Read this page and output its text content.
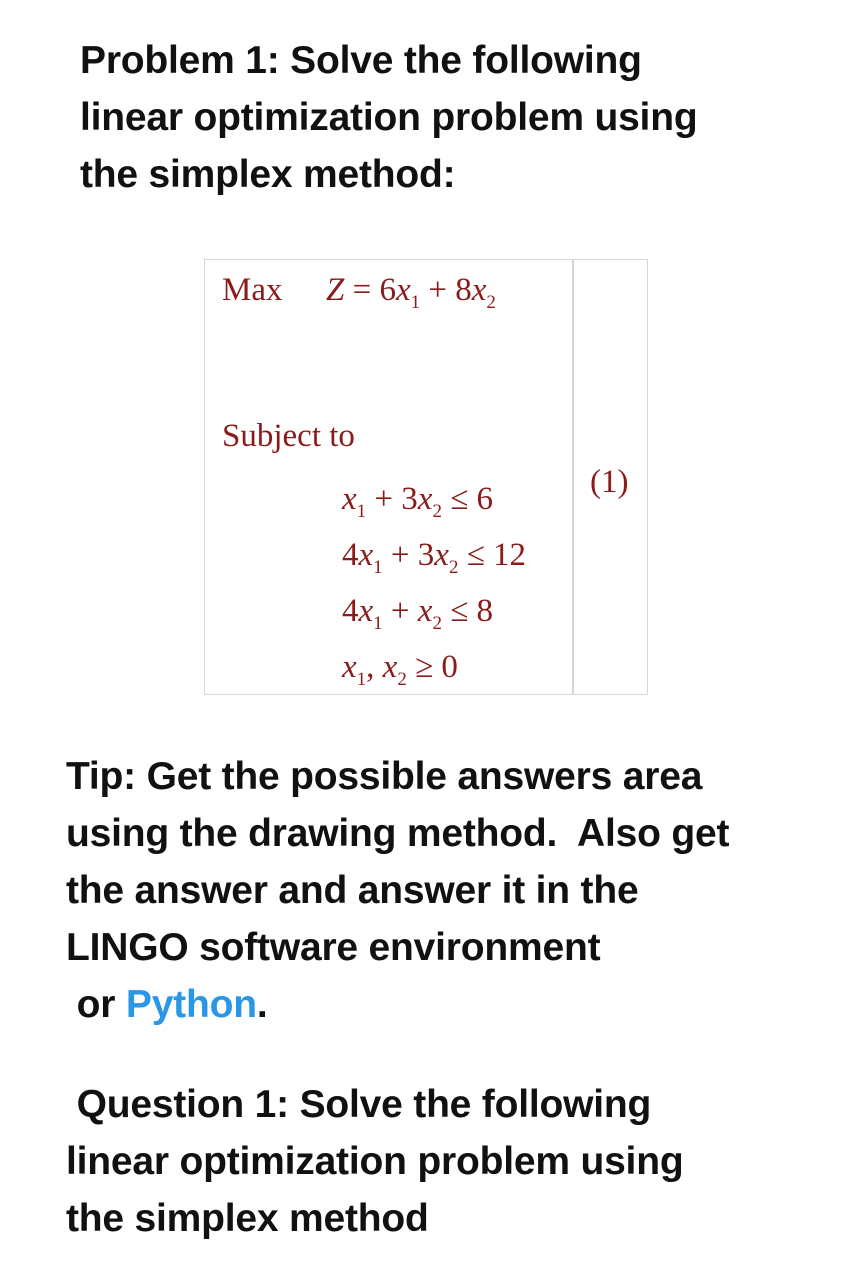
Problem 1: Solve the following
linear optimization problem using
the simplex method:
Max $Z = 6x_1 + 8x_2$
Subject to
(1)
$x_1 + 3x_2 \le 6$
$4x_1 + 3x_2 \le 12$
$4x_1 + x_2 \le 8$
$x_1$, $x_2 \ge 0$

Tip: Get the possible answers area
using the drawing method.  Also get
the answer and answer it in the
LINGO software environment
or Python.

Question 1: Solve the following
linear optimization problem using
the simplex method
